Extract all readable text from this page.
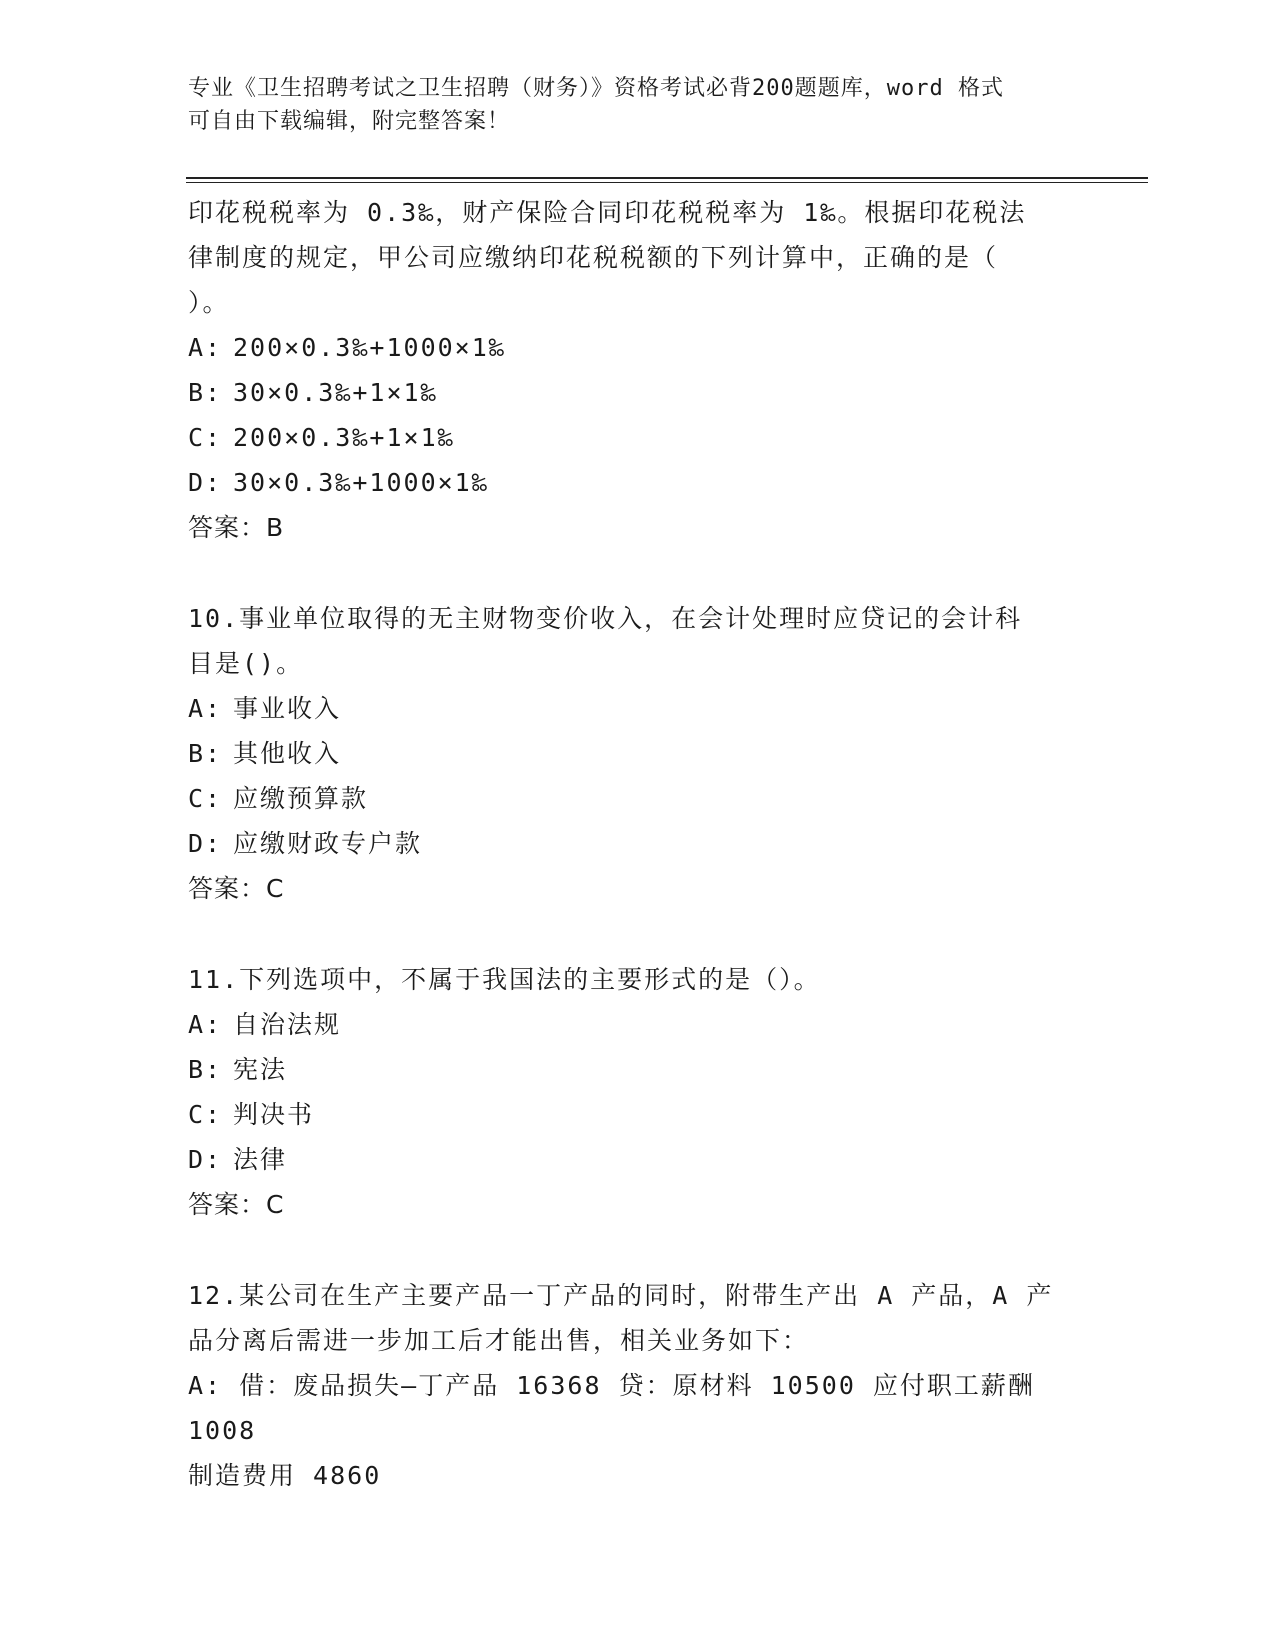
专业《卫生招聘考试之卫生招聘（财务）》资格考试必背200题题库，word 格式
可自由下载编辑，附完整答案！
印花税税率为 0.3‰，财产保险合同印花税税率为 1‰。根据印花税法
律制度的规定，甲公司应缴纳印花税税额的下列计算中，正确的是（
）。
A: 200×0.3‰+1000×1‰
B: 30×0.3‰+1×1‰
C: 200×0.3‰+1×1‰
D: 30×0.3‰+1000×1‰
答案：B
10.事业单位取得的无主财物变价收入，在会计处理时应贷记的会计科
目是()。
A: 事业收入
B: 其他收入
C: 应缴预算款
D: 应缴财政专户款
答案：C
11.下列选项中，不属于我国法的主要形式的是（）。
A: 自治法规
B: 宪法
C: 判决书
D: 法律
答案：C
12.某公司在生产主要产品一丁产品的同时，附带生产出 A 产品，A 产
品分离后需进一步加工后才能出售，相关业务如下：
A: 借：废品损失—丁产品 16368 贷：原材料 10500 应付职工薪酬 1008
制造费用 4860
